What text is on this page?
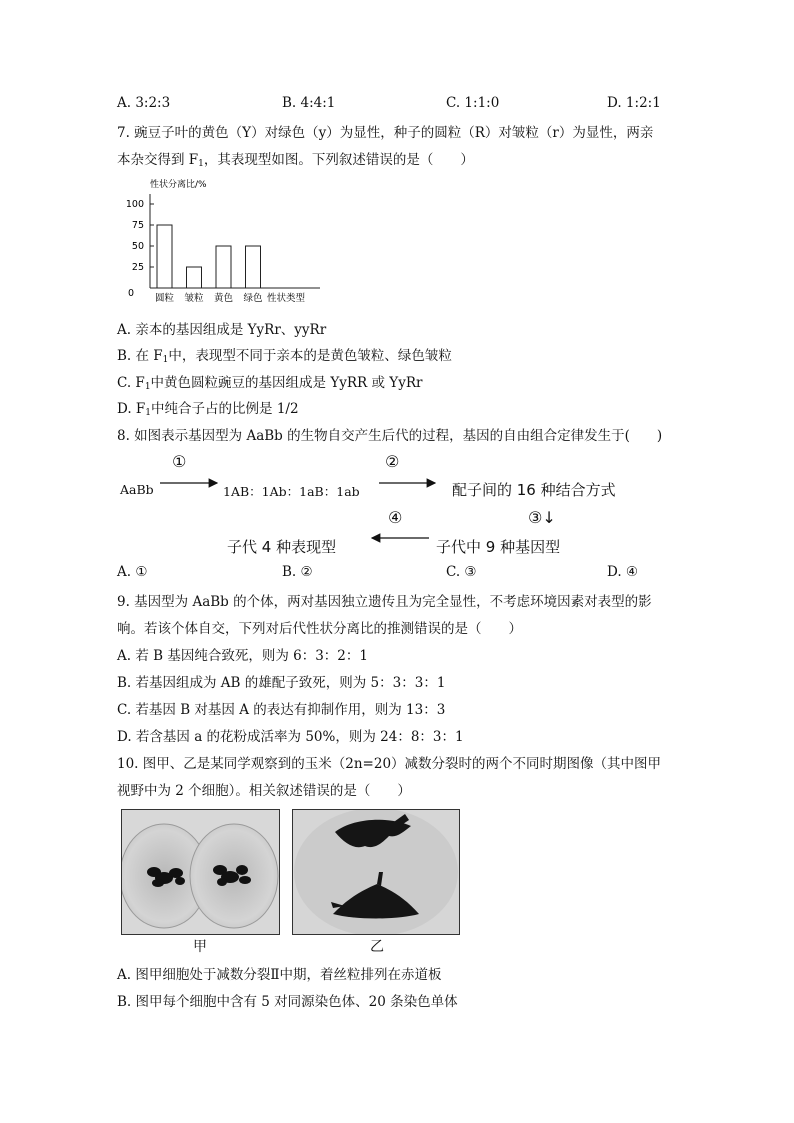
A. 3:2:3	B. 4:4:1	C. 1:1:0	D. 1:2:1
7. 豌豆子叶的黄色（Y）对绿色（y）为显性，种子的圆粒（R）对皱粒（r）为显性，两亲
本杂交得到 $F_1$，其表现型如图。下列叙述错误的是（　　）
性状分离比/%
0
25
50
75
100
圆粒 皱粒 黄色 绿色 性状类型
A. 亲本的基因组成是 YyRr、yyRr
B. 在 $F_1$中，表现型不同于亲本的是黄色皱粒、绿色皱粒
C. $F_1$中黄色圆粒豌豆的基因组成是 YyRR 或 YyRr
D. $F_1$中纯合子占的比例是 1/2
8. 如图表示基因型为 AaBb 的生物自交产生后代的过程，基因的自由组合定律发生于(　　)
①	②
AaBb	1AB：1Ab：1aB：1ab	配子间的 16 种结合方式
④	③↓
子代 4 种表现型	子代中 9 种基因型
A. ①	B. ②	C. ③	D. ④
9. 基因型为 AaBb 的个体，两对基因独立遗传且为完全显性，不考虑环境因素对表型的影
响。若该个体自交，下列对后代性状分离比的推测错误的是（　　）
A. 若 B 基因纯合致死，则为 6：3：2：1
B. 若基因组成为 AB 的雄配子致死，则为 5：3：3：1
C. 若基因 B 对基因 A 的表达有抑制作用，则为 13：3
D. 若含基因 a 的花粉成活率为 50%，则为 24：8：3：1
10. 图甲、乙是某同学观察到的玉米（2n=20）减数分裂时的两个不同时期图像（其中图甲
视野中为 2 个细胞）。相关叙述错误的是（　　）
甲	乙
A. 图甲细胞处于减数分裂Ⅱ中期，着丝粒排列在赤道板
B. 图甲每个细胞中含有 5 对同源染色体、20 条染色单体
